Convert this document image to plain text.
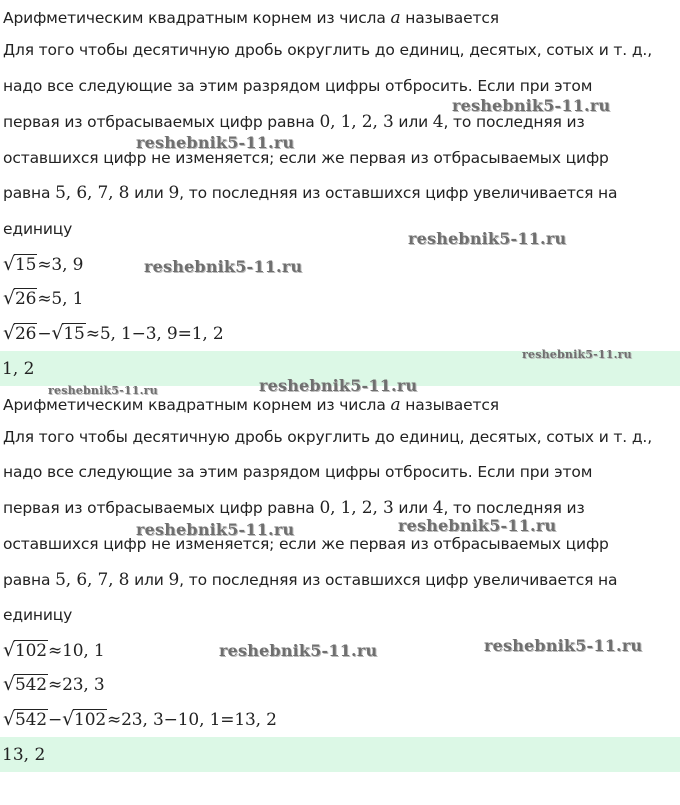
Арифметическим квадратным корнем из числа a называется
Для того чтобы десятичную дробь округлить до единиц, десятых, сотых и т. д.,
надо все следующие за этим разрядом цифры отбросить. Если при этом
первая из отбрасываемых цифр равна 0, 1, 2, 3 или 4, то последняя из
оставшихся цифр не изменяется; если же первая из отбрасываемых цифр
равна 5, 6, 7, 8 или 9, то последняя из оставшихся цифр увеличивается на
единицу
√15≈3, 9
√26≈5, 1
√26−√15≈5, 1−3, 9=1, 2
1, 2
Арифметическим квадратным корнем из числа a называется
Для того чтобы десятичную дробь округлить до единиц, десятых, сотых и т. д.,
надо все следующие за этим разрядом цифры отбросить. Если при этом
первая из отбрасываемых цифр равна 0, 1, 2, 3 или 4, то последняя из
оставшихся цифр не изменяется; если же первая из отбрасываемых цифр
равна 5, 6, 7, 8 или 9, то последняя из оставшихся цифр увеличивается на
единицу
√102≈10, 1
√542≈23, 3
√542−√102≈23, 3−10, 1=13, 2
13, 2
reshebnik5-11.ru
reshebnik5-11.ru
reshebnik5-11.ru
reshebnik5-11.ru
reshebnik5-11.ru
reshebnik5-11.ru	reshebnik5-11.ru
reshebnik5-11.ru	reshebnik5-11.ru
reshebnik5-11.ru	reshebnik5-11.ru
